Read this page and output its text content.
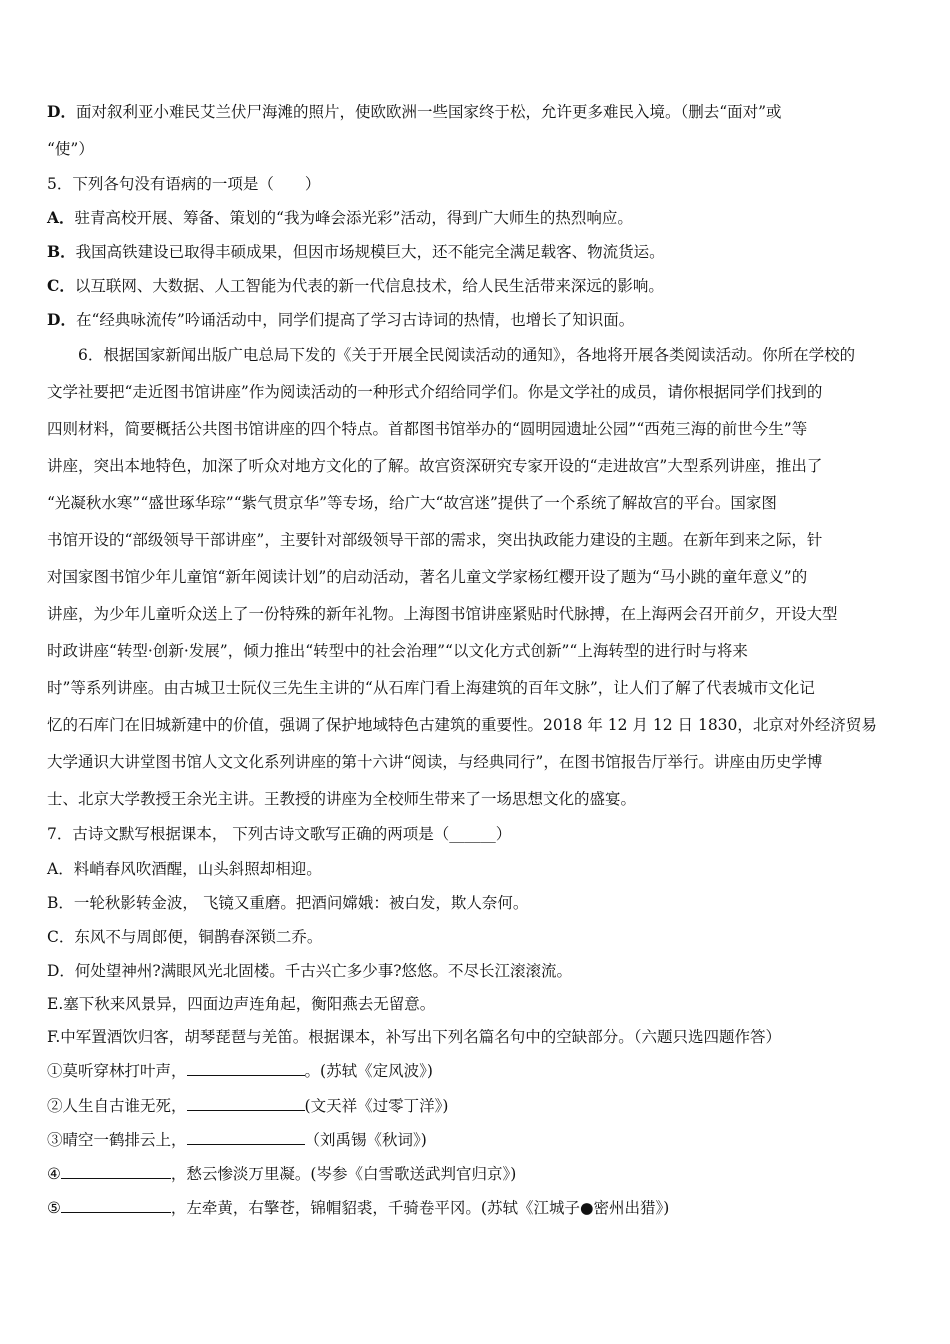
D．面对叙利亚小难民艾兰伏尸海滩的照片，使欧欧洲一些国家终于松，允许更多难民入境。（删去“面对”或
“使”）
5．下列各句没有语病的一项是（　　）
A．驻青高校开展、筹备、策划的“我为峰会添光彩”活动，得到广大师生的热烈响应。
B．我国高铁建设已取得丰硕成果，但因市场规模巨大，还不能完全满足载客、物流货运。
C．以互联网、大数据、人工智能为代表的新一代信息技术，给人民生活带来深远的影响。
D．在“经典咏流传”吟诵活动中，同学们提高了学习古诗词的热情，也增长了知识面。
6．根据国家新闻出版广电总局下发的《关于开展全民阅读活动的通知》，各地将开展各类阅读活动。你所在学校的
文学社要把“走近图书馆讲座”作为阅读活动的一种形式介绍给同学们。你是文学社的成员，请你根据同学们找到的
四则材料，简要概括公共图书馆讲座的四个特点。首都图书馆举办的“圆明园遗址公园”“西苑三海的前世今生”等
讲座，突出本地特色，加深了听众对地方文化的了解。故宫资深研究专家开设的“走进故宫”大型系列讲座，推出了
“光凝秋水寒”“盛世琢华琮”“紫气贯京华”等专场，给广大“故宫迷”提供了一个系统了解故宫的平台。国家图
书馆开设的“部级领导干部讲座”，主要针对部级领导干部的需求，突出执政能力建设的主题。在新年到来之际，针
对国家图书馆少年儿童馆“新年阅读计划”的启动活动，著名儿童文学家杨红樱开设了题为“马小跳的童年意义”的
讲座，为少年儿童听众送上了一份特殊的新年礼物。上海图书馆讲座紧贴时代脉搏，在上海两会召开前夕，开设大型
时政讲座“转型·创新·发展”，倾力推出“转型中的社会治理”“以文化方式创新”“上海转型的进行时与将来
时”等系列讲座。由古城卫士阮仪三先生主讲的“从石库门看上海建筑的百年文脉”，让人们了解了代表城市文化记
忆的石库门在旧城新建中的价值，强调了保护地域特色古建筑的重要性。2018 年 12 月 12 日 1830，北京对外经济贸易
大学通识大讲堂图书馆人文文化系列讲座的第十六讲“阅读，与经典同行”，在图书馆报告厅举行。讲座由历史学博
士、北京大学教授王余光主讲。王教授的讲座为全校师生带来了一场思想文化的盛宴。
7．古诗文默写根据课本， 下列古诗文歌写正确的两项是（______）
A．料峭春风吹酒醒，山头斜照却相迎。
B．一轮秋影转金波， 飞镜又重磨。把酒问嫦娥：被白发，欺人奈何。
C．东风不与周郎便，铜鹊春深锁二乔。
D．何处望神州?满眼风光北固楼。千古兴亡多少事?悠悠。不尽长江滚滚流。
E.塞下秋来风景异，四面边声连角起，衡阳燕去无留意。
F.中军置酒饮归客，胡琴琵琶与羌笛。根据课本，补写出下列名篇名句中的空缺部分。（六题只选四题作答）
①莫听穿林打叶声，	。(苏轼《定风波》)
②人生自古谁无死，	(文天祥《过零丁洋》)
③晴空一鹤排云上，	（刘禹锡《秋词》)
④	，愁云惨淡万里凝。(岑参《白雪歌送武判官归京》)
⑤	，左牵黄，右擎苍，锦帽貂裘，千骑卷平冈。(苏轼《江城子●密州出猎》)
